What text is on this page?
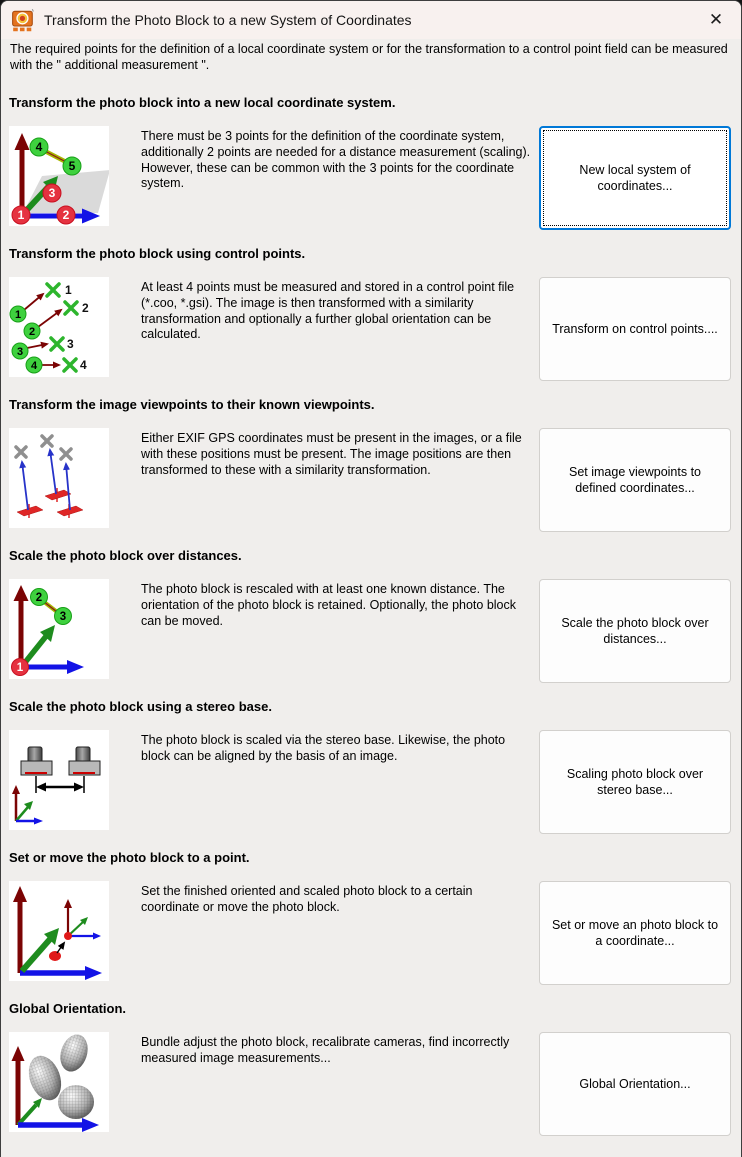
Transform the Photo Block to a new System of Coordinates	✕

The required points for the definition of a local coordinate system or for the transformation to a control point field can be measured with the " additional measurement ".

Transform the photo block into a new local coordinate system.
1	2
3
4
5
There must be 3 points for the definition of the coordinate system, additionally 2 points are needed for a distance measurement (scaling). However, these can be common with the 3 points for the coordinate system.
New local system of coordinates...
Transform the photo block using control points.
1
2
3
4
1
2
3
4
At least 4 points must be measured and stored in a control point file (*.coo, *.gsi). The image is then transformed with a similarity transformation and optionally a further global orientation can be calculated.	Transform on control points....
Transform the image viewpoints to their known viewpoints.
Either EXIF GPS coordinates must be present in the images, or a file with these positions must be present. The image positions are then transformed to these with a similarity transformation.	Set image viewpoints to defined coordinates...
Scale the photo block over distances.
1
2
3
The photo block is rescaled with at least one known distance. The orientation of the photo block is retained. Optionally, the photo block can be moved.	Scale the photo block over distances...
Scale the photo block using a stereo base.
The photo block is scaled via the stereo base. Likewise, the photo block can be aligned by the basis of an image.
Scaling photo block over stereo base...
Set or move the photo block to a point.
Set the finished oriented and scaled photo block to a certain coordinate or move the photo block.
Set or move an photo block to a coordinate...
Global Orientation.
Bundle adjust the photo block, recalibrate cameras, find incorrectly measured image measurements...
Global Orientation...
